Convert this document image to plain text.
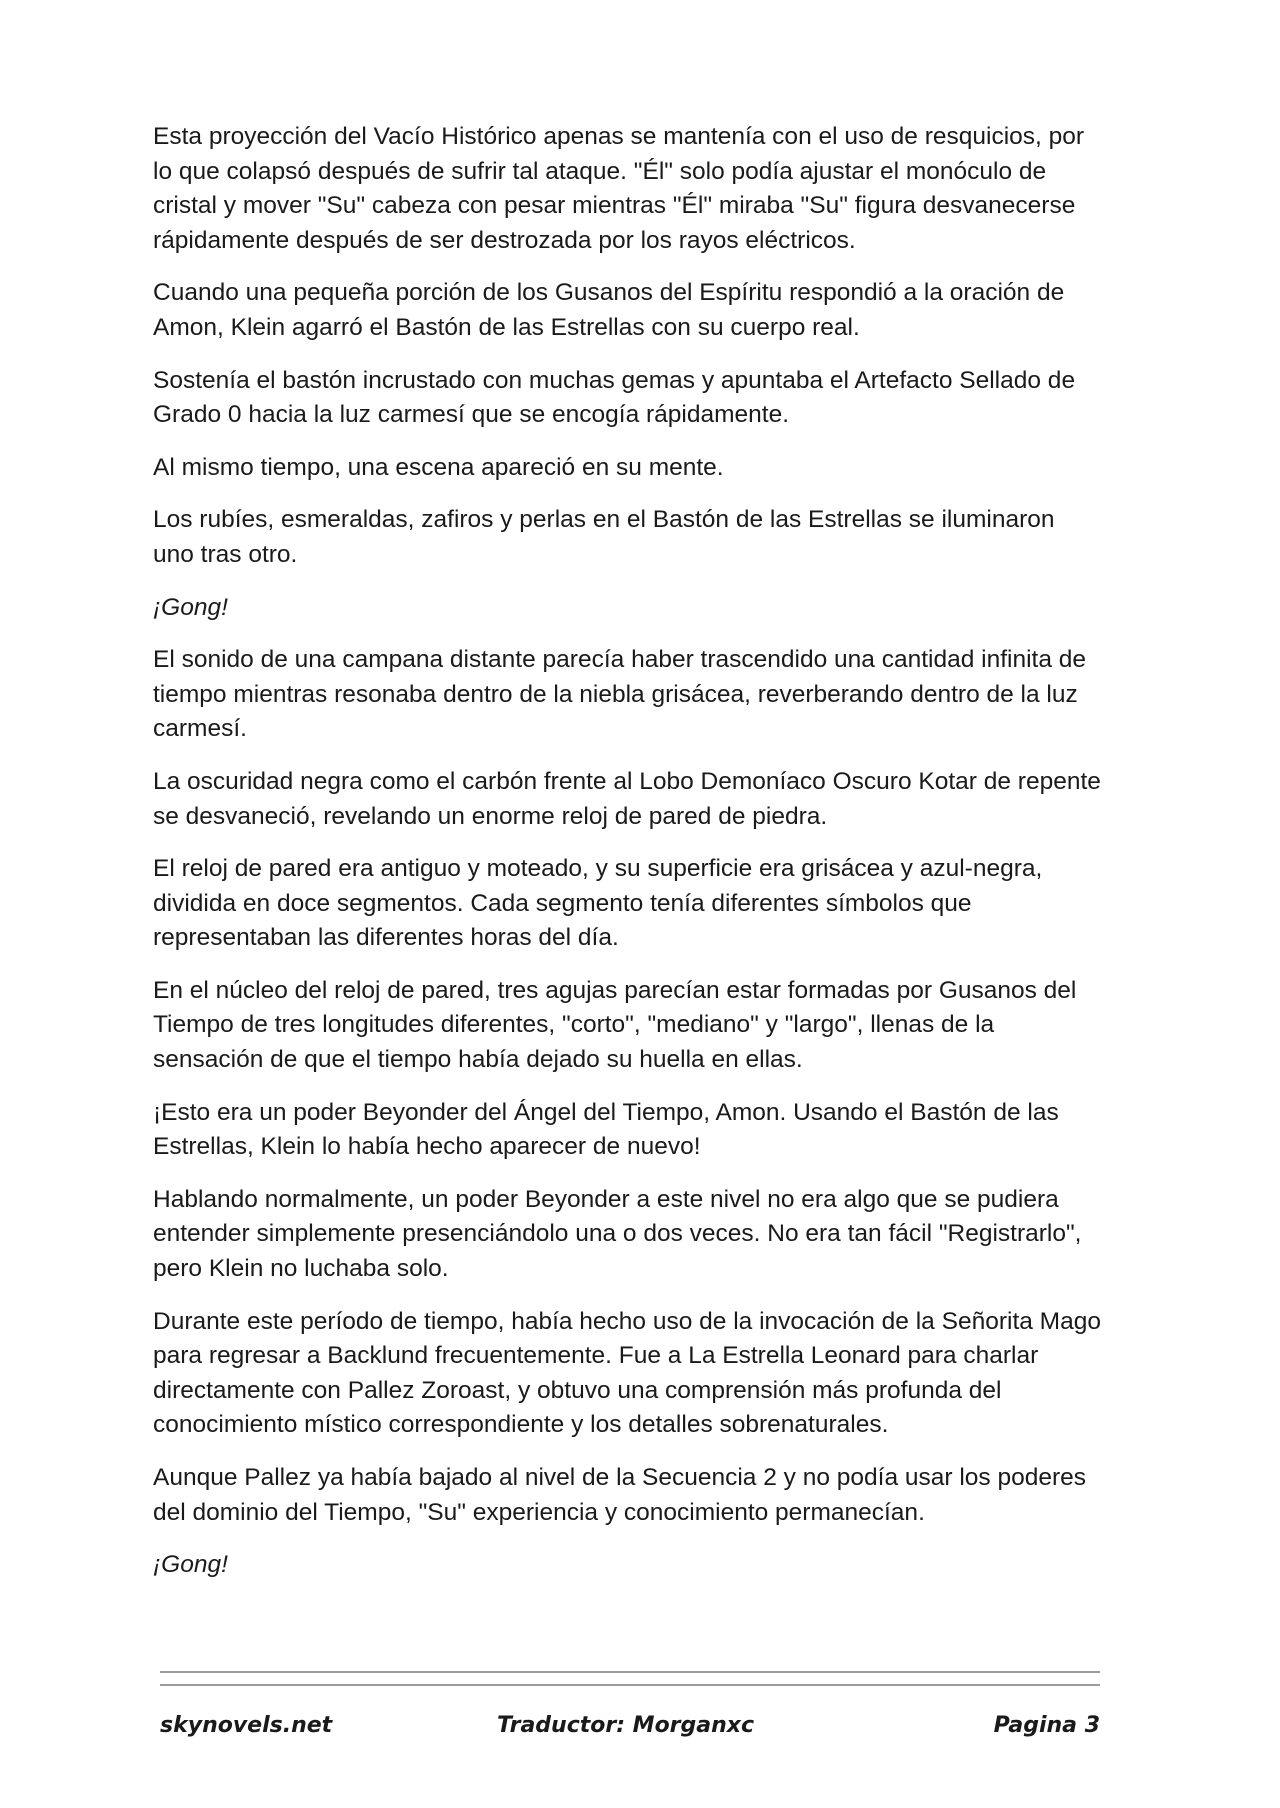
Esta proyección del Vacío Histórico apenas se mantenía con el uso de resquicios, por lo que colapsó después de sufrir tal ataque. "Él" solo podía ajustar el monóculo de cristal y mover "Su" cabeza con pesar mientras "Él" miraba "Su" figura desvanecerse rápidamente después de ser destrozada por los rayos eléctricos.

Cuando una pequeña porción de los Gusanos del Espíritu respondió a la oración de Amon, Klein agarró el Bastón de las Estrellas con su cuerpo real.

Sostenía el bastón incrustado con muchas gemas y apuntaba el Artefacto Sellado de Grado 0 hacia la luz carmesí que se encogía rápidamente.

Al mismo tiempo, una escena apareció en su mente.

Los rubíes, esmeraldas, zafiros y perlas en el Bastón de las Estrellas se iluminaron uno tras otro.

¡Gong!

El sonido de una campana distante parecía haber trascendido una cantidad infinita de tiempo mientras resonaba dentro de la niebla grisácea, reverberando dentro de la luz carmesí.

La oscuridad negra como el carbón frente al Lobo Demoníaco Oscuro Kotar de repente se desvaneció, revelando un enorme reloj de pared de piedra.

El reloj de pared era antiguo y moteado, y su superficie era grisácea y azul-negra, dividida en doce segmentos. Cada segmento tenía diferentes símbolos que representaban las diferentes horas del día.

En el núcleo del reloj de pared, tres agujas parecían estar formadas por Gusanos del Tiempo de tres longitudes diferentes, "corto", "mediano" y "largo", llenas de la sensación de que el tiempo había dejado su huella en ellas.

¡Esto era un poder Beyonder del Ángel del Tiempo, Amon. Usando el Bastón de las Estrellas, Klein lo había hecho aparecer de nuevo!

Hablando normalmente, un poder Beyonder a este nivel no era algo que se pudiera entender simplemente presenciándolo una o dos veces. No era tan fácil "Registrarlo", pero Klein no luchaba solo.

Durante este período de tiempo, había hecho uso de la invocación de la Señorita Mago para regresar a Backlund frecuentemente. Fue a La Estrella Leonard para charlar directamente con Pallez Zoroast, y obtuvo una comprensión más profunda del conocimiento místico correspondiente y los detalles sobrenaturales.

Aunque Pallez ya había bajado al nivel de la Secuencia 2 y no podía usar los poderes del dominio del Tiempo, "Su" experiencia y conocimiento permanecían.

¡Gong!

skynovels.net	Traductor: Morganxc	Pagina 3
